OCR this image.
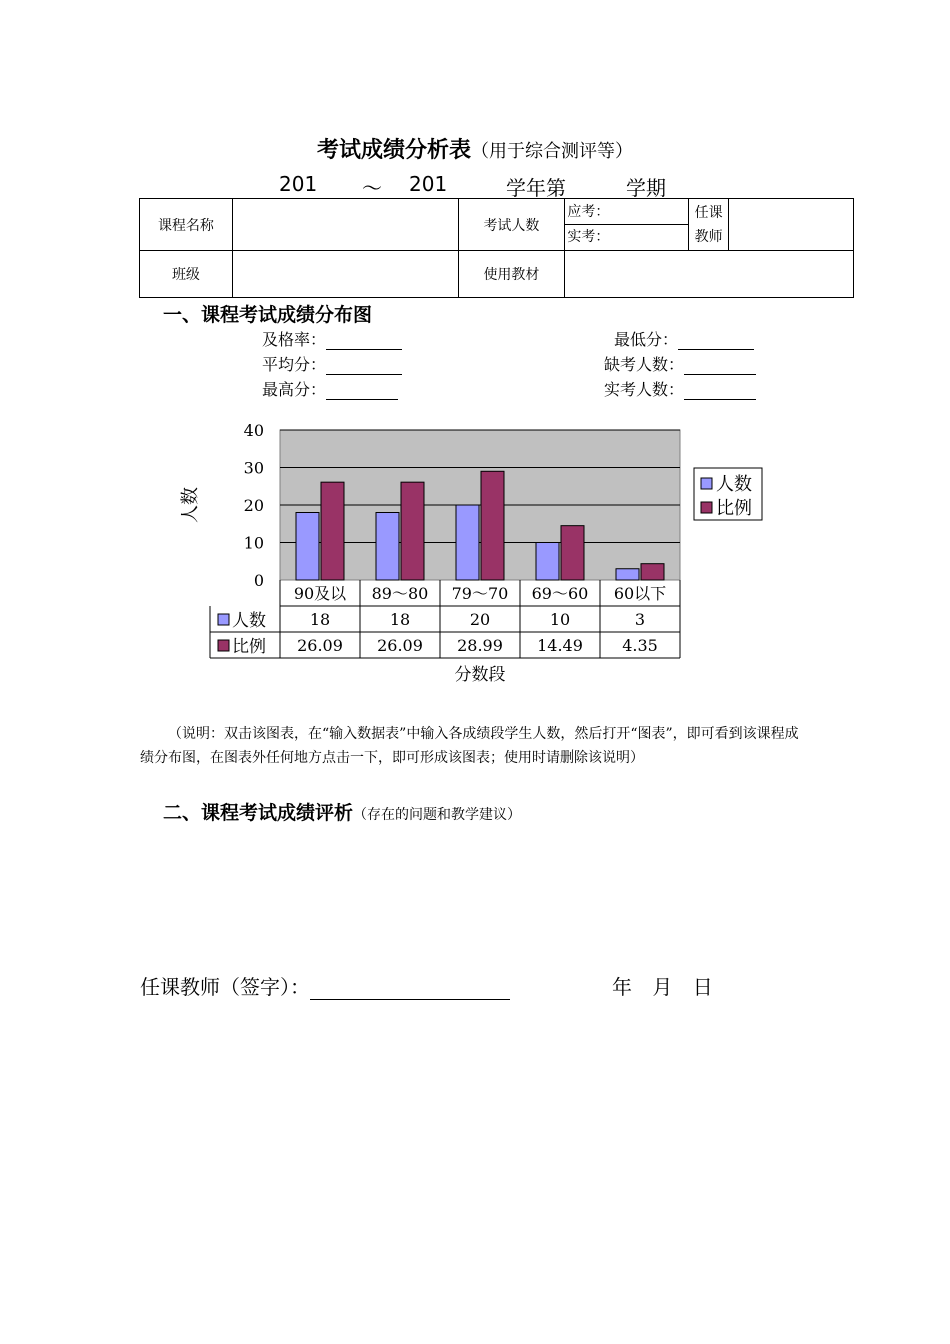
考试成绩分析表（用于综合测评等）
201 ～ 201	学年第	学期
课程名称		考试人数	应考：
实考：	任课
教师	
班级		使用教材			
一、课程考试成绩分布图
及格率：
平均分：
最高分：
最低分：
缺考人数：
实考人数：
0
10
20
30
40
人数
90及以 89～80 79～70 69～60 60以下
人数	18	18	20	10	3
比例 26.09 26.09 28.99 14.49 4.35
分数段
人数
比例
（说明：双击该图表，在“输入数据表”中输入各成绩段学生人数，然后打开“图表”，即可看到该课程成绩分布图，在图表外任何地方点击一下，即可形成该图表；使用时请删除该说明）
二、课程考试成绩评析（存在的问题和教学建议）
任课教师（签字）：	年 月 日
